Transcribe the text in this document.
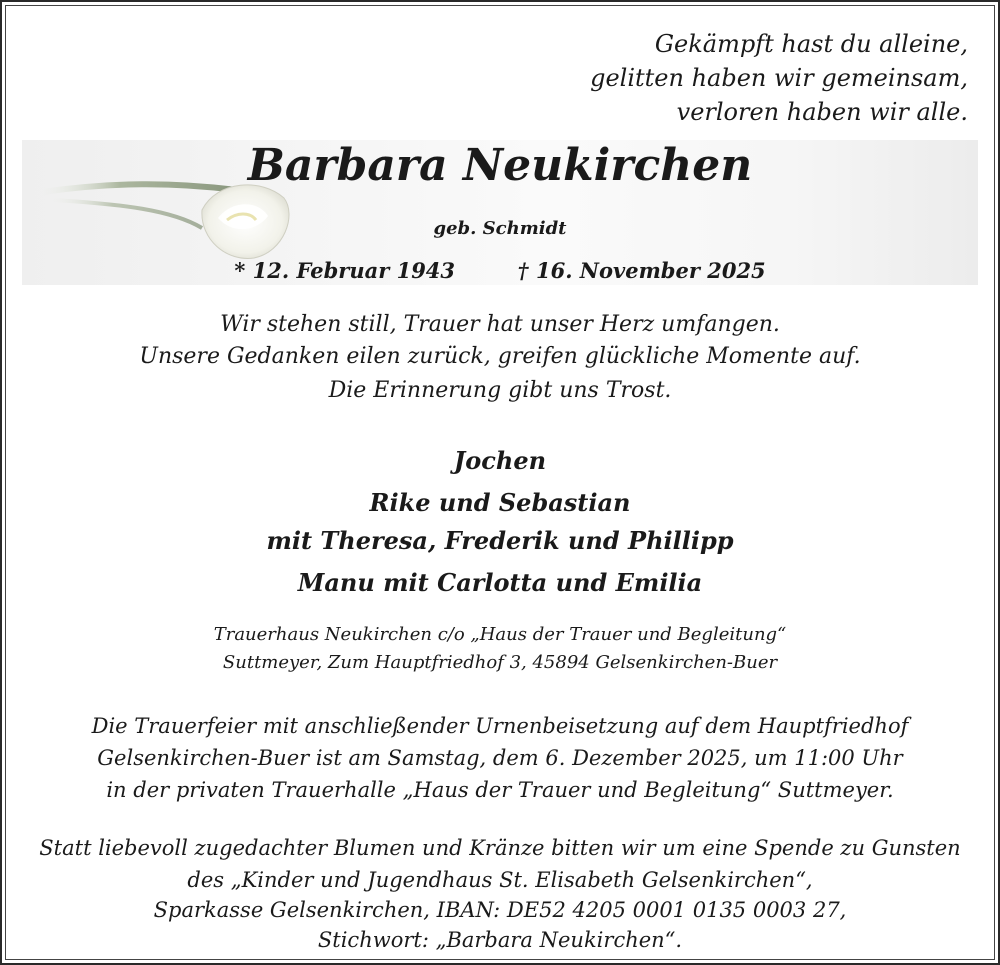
Gekämpft hast du alleine,
gelitten haben wir gemeinsam,
verloren haben wir alle.
Barbara Neukirchen
geb. Schmidt
* 12. Februar 1943	† 16. November 2025
Wir stehen still, Trauer hat unser Herz umfangen.
Unsere Gedanken eilen zurück, greifen glückliche Momente auf.
Die Erinnerung gibt uns Trost.
Jochen
Rike und Sebastian
mit Theresa, Frederik und Phillipp
Manu mit Carlotta und Emilia
Trauerhaus Neukirchen c/o „Haus der Trauer und Begleitung“
Suttmeyer, Zum Hauptfriedhof 3, 45894 Gelsenkirchen-Buer
Die Trauerfeier mit anschließender Urnenbeisetzung auf dem Hauptfriedhof
Gelsenkirchen-Buer ist am Samstag, dem 6. Dezember 2025, um 11:00 Uhr
in der privaten Trauerhalle „Haus der Trauer und Begleitung“ Suttmeyer.
Statt liebevoll zugedachter Blumen und Kränze bitten wir um eine Spende zu Gunsten
des „Kinder und Jugendhaus St. Elisabeth Gelsenkirchen“,
Sparkasse Gelsenkirchen, IBAN: DE52 4205 0001 0135 0003 27,
Stichwort: „Barbara Neukirchen“.
